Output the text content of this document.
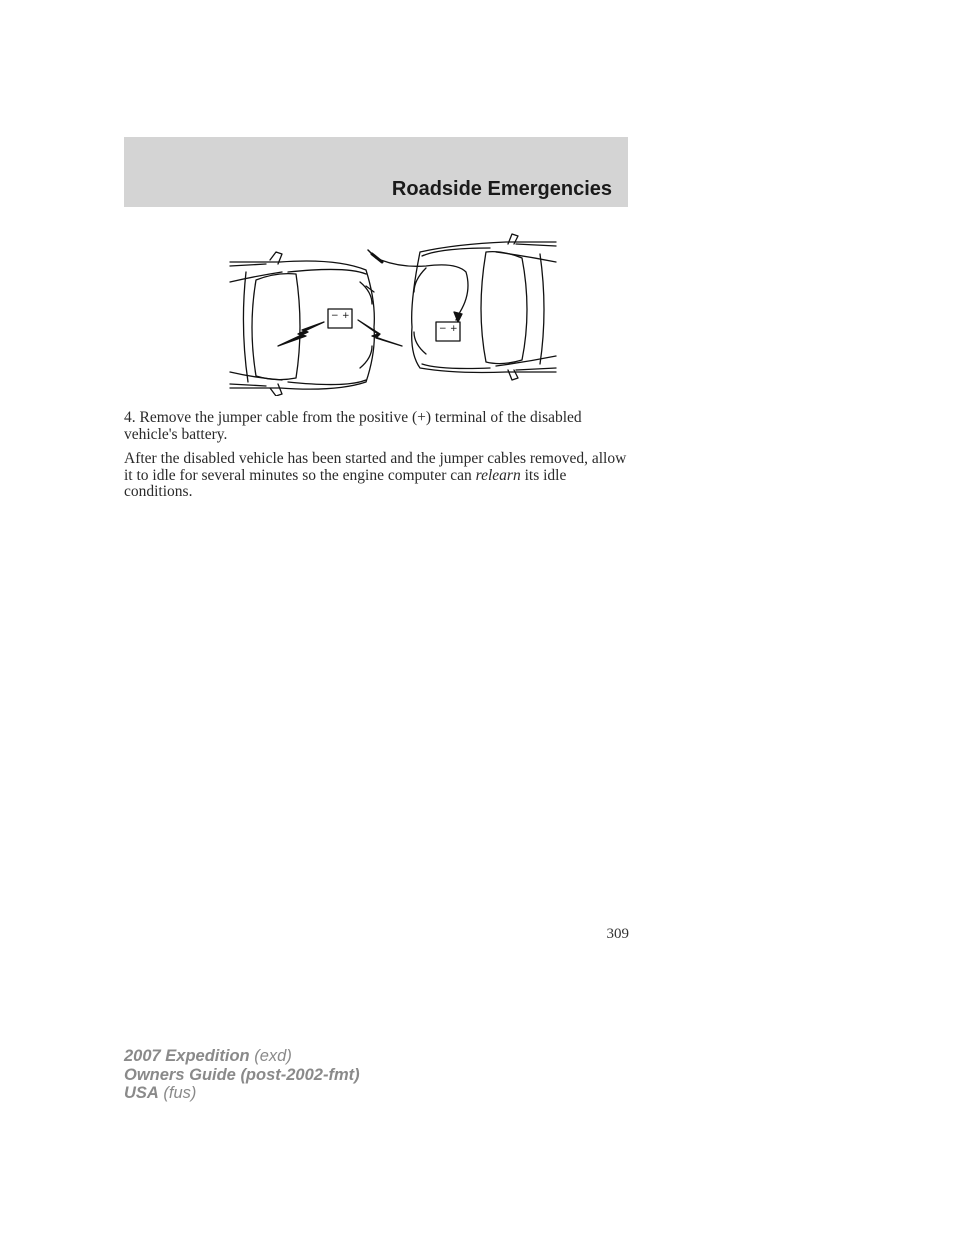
Roadside Emergencies
− +
− +

4. Remove the jumper cable from the positive (+) terminal of the disabled vehicle's battery.

After the disabled vehicle has been started and the jumper cables removed, allow it to idle for several minutes so the engine computer can relearn its idle conditions.

309
2007 Expedition (exd)
Owners Guide (post-2002-fmt)
USA (fus)
